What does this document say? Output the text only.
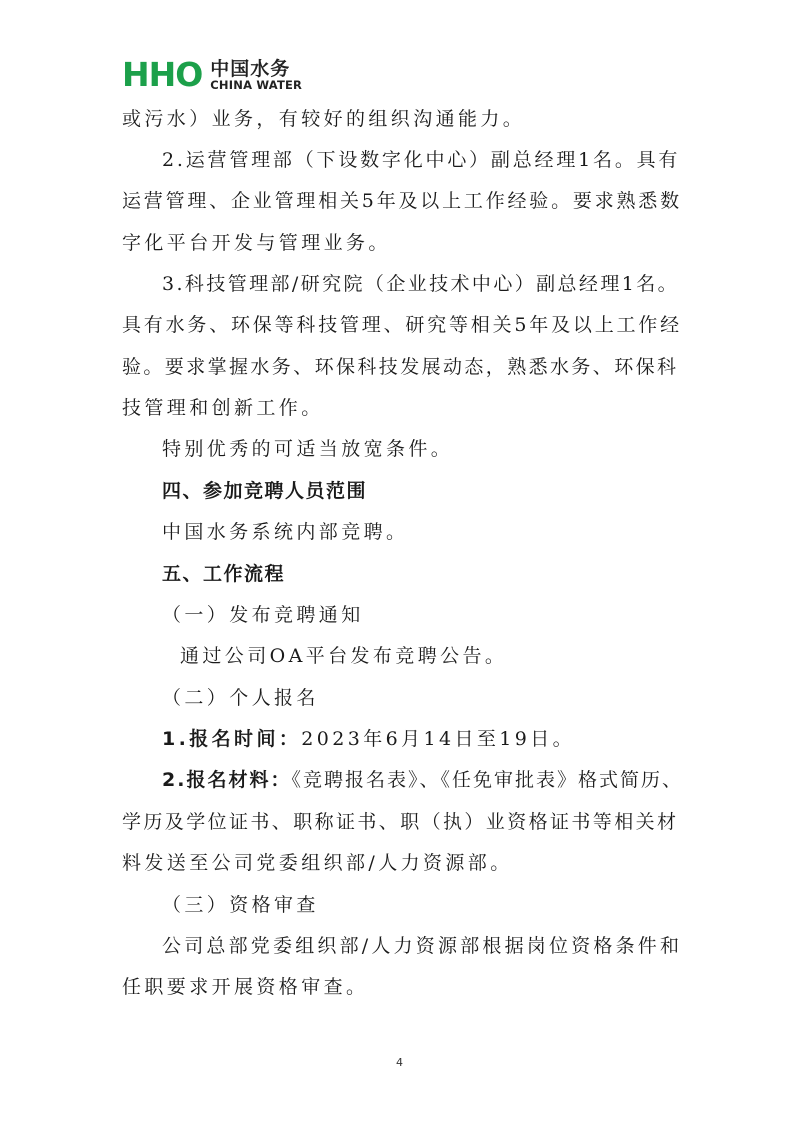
HHO 中国水务
CHINA WATER
或污水）业务，有较好的组织沟通能力。
2.运营管理部（下设数字化中心）副总经理1名。具有
运营管理、企业管理相关5年及以上工作经验。要求熟悉数
字化平台开发与管理业务。
3.科技管理部/研究院（企业技术中心）副总经理1名。
具有水务、环保等科技管理、研究等相关5年及以上工作经
验。要求掌握水务、环保科技发展动态，熟悉水务、环保科
技管理和创新工作。
特别优秀的可适当放宽条件。
四、参加竞聘人员范围
中国水务系统内部竞聘。
五、工作流程
（一）发布竞聘通知
通过公司OA平台发布竞聘公告。
（二）个人报名
1.报名时间：2023年6月14日至19日。
2.报名材料：《竞聘报名表》、《任免审批表》格式简历、
学历及学位证书、职称证书、职（执）业资格证书等相关材
料发送至公司党委组织部/人力资源部。
（三）资格审查
公司总部党委组织部/人力资源部根据岗位资格条件和
任职要求开展资格审查。
4
